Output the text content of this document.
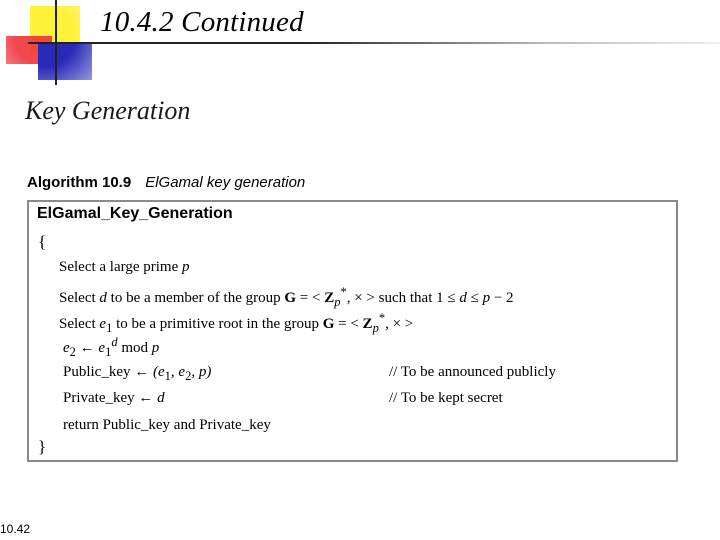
10.4.2 Continued
Key Generation
Algorithm 10.9 ElGamal key generation
ElGamal_Key_Generation
{
Select a large prime p
Select d to be a member of the group G = < $Z_p^*$, × > such that 1 ≤ d ≤ p − 2
Select $e_1$ to be a primitive root in the group G = < $Z_p^*$, × >
$e_2$ ← $e_1^d$ mod p
Public_key ← ($e_1$, $e_2$, p)	// To be announced publicly
Private_key ← d	// To be kept secret
return Public_key and Private_key
}
10.42
